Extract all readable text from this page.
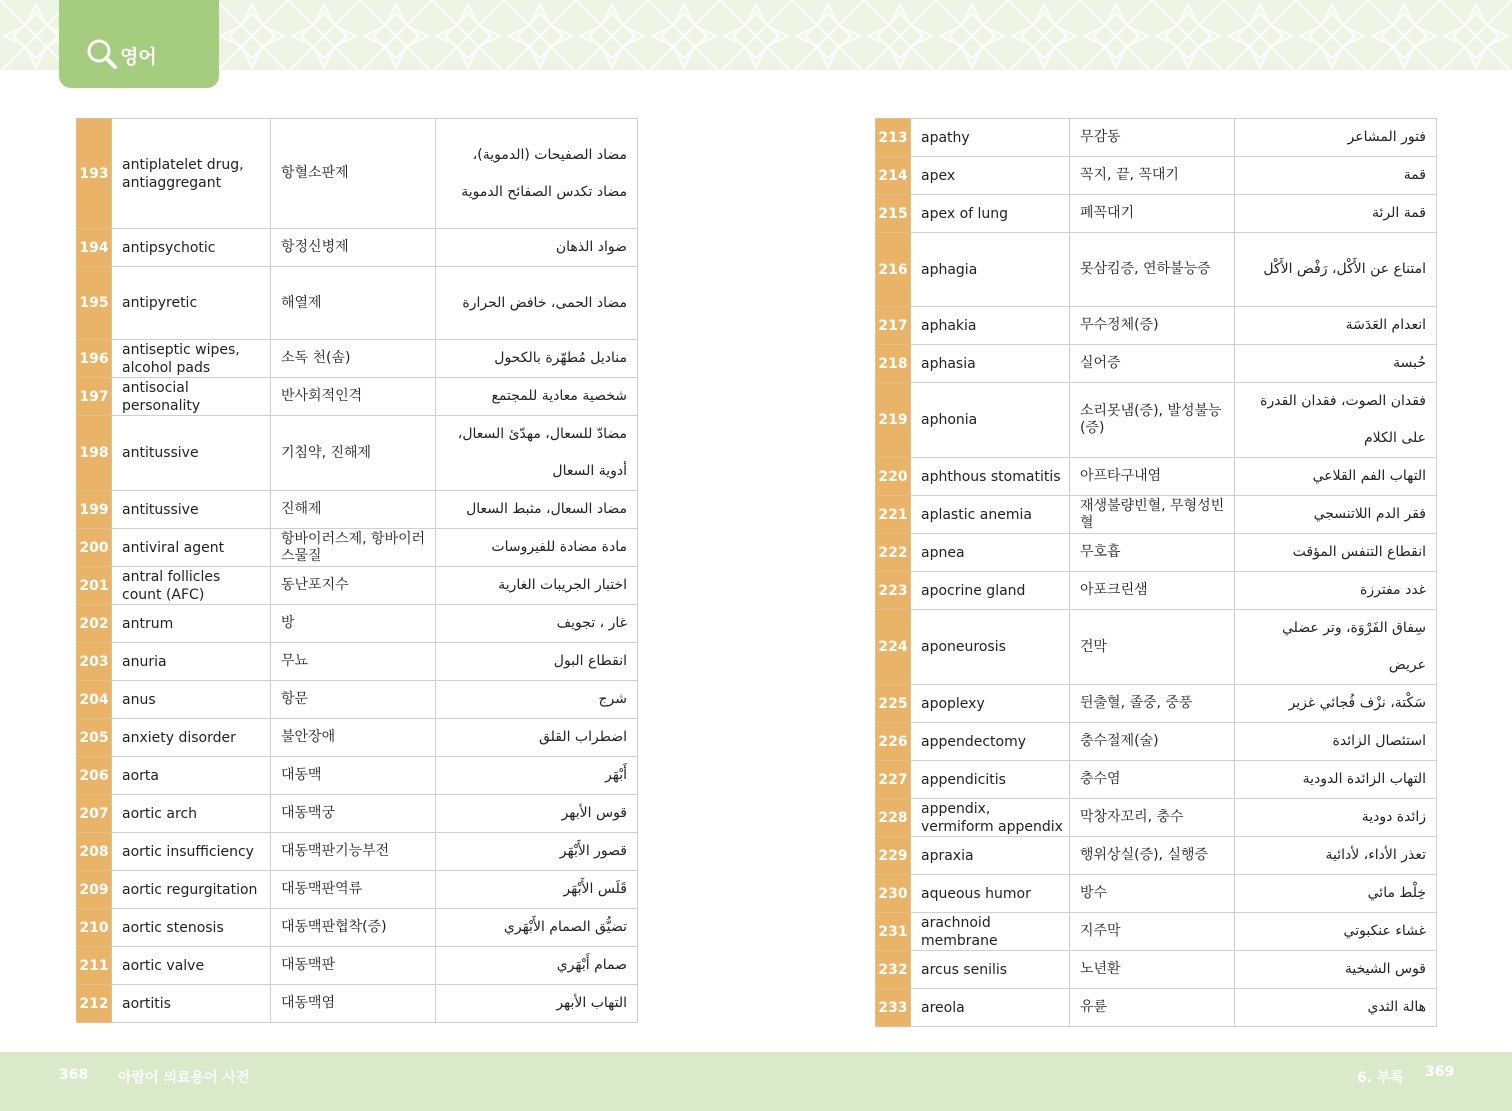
영어
193	antiplatelet drug, antiaggregant	항혈소판제	مضاد الصفيحات (الدموية)، مضاد تكدس الصفائح الدموية
194	antipsychotic	항정신병제	ضواد الذهان
195	antipyretic	해열제	مضاد الحمى، خافض الحرارة
196	antiseptic wipes, alcohol pads	소독 천(솜)	مناديل مُطهّرة بالكحول
197	antisocial personality	반사회적인격	شخصية معادية للمجتمع
198	antitussive	기침약, 진해제	مضادّ للسعال، مهدّئ السعال، أدوية السعال
199	antitussive	진해제	مضاد السعال، مثبط السعال
200	antiviral agent	항바이러스제, 항바이러스물질	مادة مضادة للفيروسات
201	antral follicles count (AFC)	동난포지수	اختبار الجريبات الغارية
202	antrum	방	غار ، تجويف
203	anuria	무뇨	انقطاع البول
204	anus	항문	شرج
205	anxiety disorder	불안장애	اضطراب القلق
206	aorta	대동맥	أَبْهَر
207	aortic arch	대동맥궁	قوس الأبهر
208	aortic insufficiency	대동맥판기능부전	قصور الأَبْهَر
209	aortic regurgitation	대동맥판역류	قَلَس الأَبْهَر
210	aortic stenosis	대동맥판협착(증)	تضيُّق الصمام الأَبْهَري
211	aortic valve	대동맥판	صمام أَبْهَري
212	aortitis	대동맥염	التهاب الأبهر
213	apathy	무감동	فتور المشاعر
214	apex	꼭지, 끝, 꼭대기	قمة
215	apex of lung	폐꼭대기	قمة الرئة
216	aphagia	못삼킴증, 연하불능증	امتناع عن الأَكْل، رَفْض الأَكْل
217	aphakia	무수정체(증)	انعدام العَدَسَة
218	aphasia	실어증	حُبسة
219	aphonia	소리못냄(증), 발성불능(증)	فقدان الصوت، فقدان القدرة على الكلام
220	aphthous stomatitis	아프타구내염	التهاب الفم القلاعي
221	aplastic anemia	재생불량빈혈, 무형성빈혈	فقر الدم اللاتنسجي
222	apnea	무호흡	انقطاع التنفس المؤقت
223	apocrine gland	아포크린샘	غدد مفترزة
224	aponeurosis	건막	سِفاق الفَرْوَة، وتر عضلي عريض
225	apoplexy	뒨출혈, 졸중, 중풍	سَكْتة، نزْف فُجائي غزير
226	appendectomy	충수절제(술)	استئصال الزائدة
227	appendicitis	충수염	التهاب الزائدة الدودية
228	appendix, vermiform appendix	막창자꼬리, 충수	زائدة دودية
229	apraxia	행위상실(증), 실행증	تعذر الأداء، لأدائية
230	aqueous humor	방수	خِلْط مائي
231	arachnoid membrane	지주막	غشاء عنكبوتي
232	arcus senilis	노년환	قوس الشيخية
233	areola	유륜	هالة الثدي
368 아랍어 의료용어 사전	6. 부록 369
